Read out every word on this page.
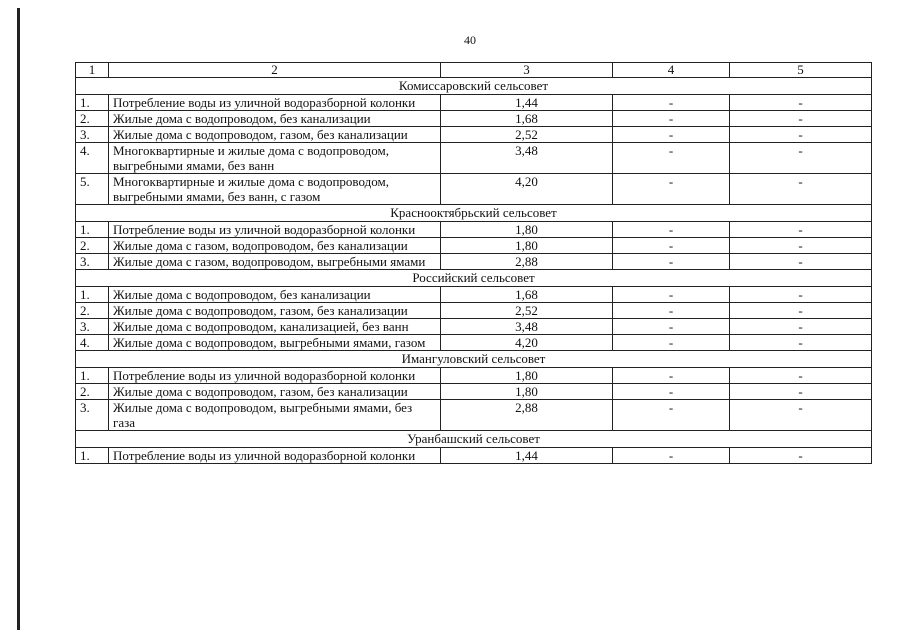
40
1	2	3	4	5
Комиссаровский сельсовет				
1.	Потребление воды из уличной водоразборной колонки	1,44	-	-
2.	Жилые дома с водопроводом, без канализации	1,68	-	-
3.	Жилые дома с водопроводом, газом, без канализации	2,52	-	-
4.	Многоквартирные и жилые дома с водопроводом, выгребными ямами, без ванн	3,48	-	-
5.	Многоквартирные и жилые дома с водопроводом, выгребными ямами, без ванн, с газом	4,20	-	-
Краснооктябрьский сельсовет				
1.	Потребление воды из уличной водоразборной колонки	1,80	-	-
2.	Жилые дома с газом, водопроводом, без канализации	1,80	-	-
3.	Жилые дома с газом, водопроводом, выгребными ямами	2,88	-	-
Российский сельсовет				
1.	Жилые дома с водопроводом, без канализации	1,68	-	-
2.	Жилые дома с водопроводом, газом, без канализации	2,52	-	-
3.	Жилые дома с водопроводом, канализацией, без ванн	3,48	-	-
4.	Жилые дома с водопроводом, выгребными ямами, газом	4,20	-	-
Имангуловский сельсовет				
1.	Потребление воды из уличной водоразборной колонки	1,80	-	-
2.	Жилые дома с водопроводом, газом, без канализации	1,80	-	-
3.	Жилые дома с водопроводом, выгребными ямами, без газа	2,88	-	-
Уранбашский сельсовет				
1.	Потребление воды из уличной водоразборной колонки	1,44	-	-
